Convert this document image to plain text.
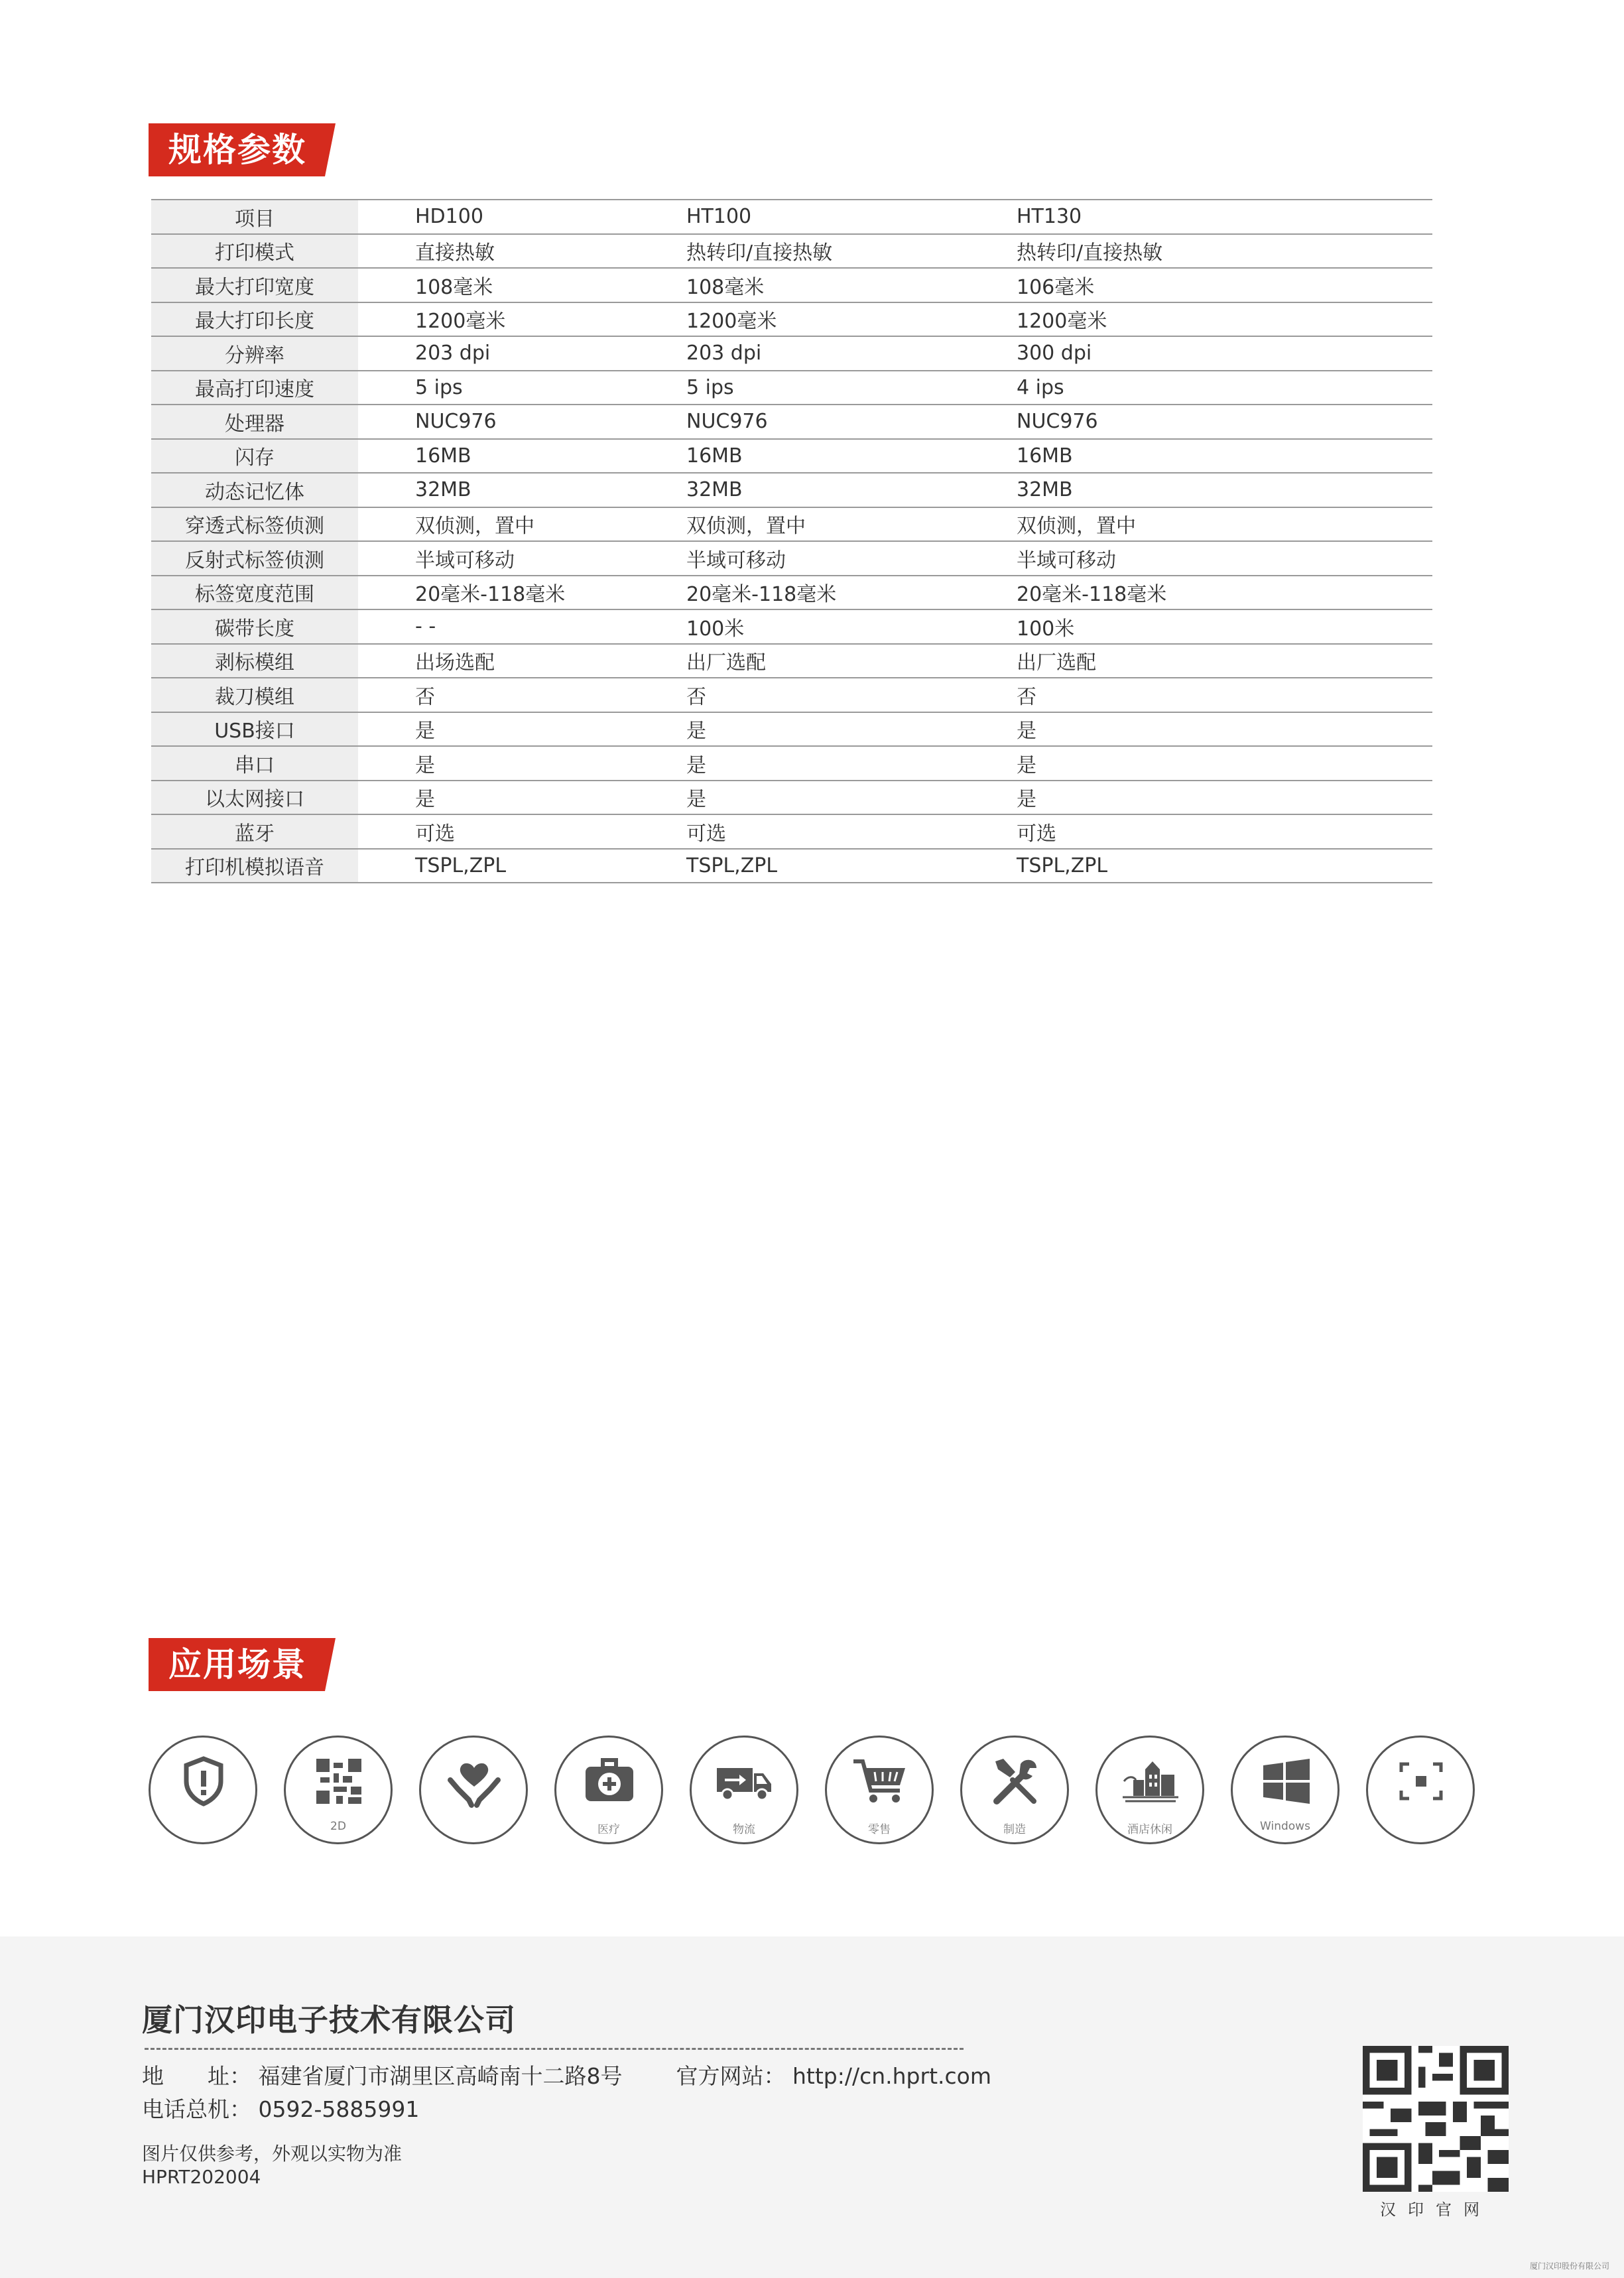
规格参数
项目	HD100	HT100	HT130
打印模式	直接热敏	热转印/直接热敏	热转印/直接热敏
最大打印宽度	108毫米	108毫米	106毫米
最大打印长度	1200毫米	1200毫米	1200毫米
分辨率	203 dpi	203 dpi	300 dpi
最高打印速度	5 ips	5 ips	4 ips
处理器	NUC976	NUC976	NUC976
闪存	16MB	16MB	16MB
动态记忆体	32MB	32MB	32MB
穿透式标签侦测	双侦测，置中	双侦测，置中	双侦测，置中
反射式标签侦测	半域可移动	半域可移动	半域可移动
标签宽度范围	20毫米-118毫米	20毫米-118毫米	20毫米-118毫米
碳带长度	- -	100米	100米
剥标模组	出场选配	出厂选配	出厂选配
裁刀模组	否	否	否
USB接口	是	是	是
串口	是	是	是
以太网接口	是	是	是
蓝牙	可选	可选	可选
打印机模拟语音	TSPL,ZPL	TSPL,ZPL	TSPL,ZPL
应用场景
2D	医疗	物流	零售	制造	酒店休闲	Windows
厦门汉印电子技术有限公司
地　　址： 福建省厦门市湖里区高崎南十二路8号 官方网站： http://cn.hprt.com
电话总机： 0592-5885991
图片仅供参考，外观以实物为准
HPRT202004
汉印官网
厦门汉印股份有限公司
